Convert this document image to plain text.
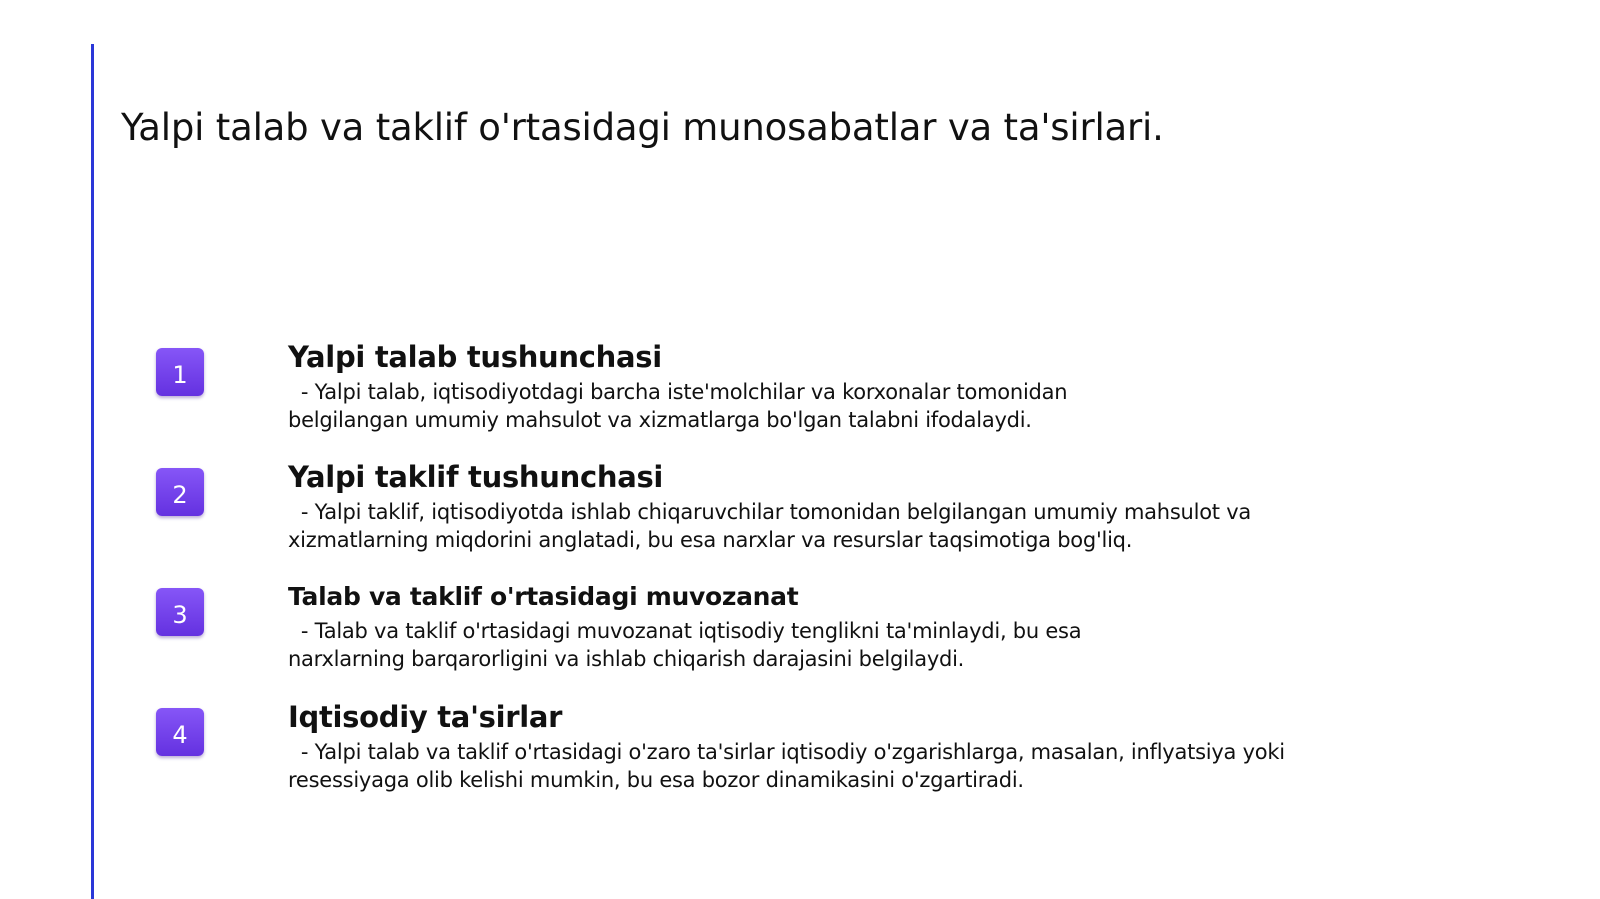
Yalpi talab va taklif o'rtasidagi munosabatlar va ta'sirlari.
1
Yalpi talab tushunchasi

- Yalpi talab, iqtisodiyotdagi barcha iste'molchilar va korxonalar tomonidan belgilangan umumiy mahsulot va xizmatlarga bo'lgan talabni ifodalaydi.

2
Yalpi taklif tushunchasi

- Yalpi taklif, iqtisodiyotda ishlab chiqaruvchilar tomonidan belgilangan umumiy mahsulot va xizmatlarning miqdorini anglatadi, bu esa narxlar va resurslar taqsimotiga bog'liq.

3
Talab va taklif o'rtasidagi muvozanat

- Talab va taklif o'rtasidagi muvozanat iqtisodiy tenglikni ta'minlaydi, bu esa narxlarning barqarorligini va ishlab chiqarish darajasini belgilaydi.

4
Iqtisodiy ta'sirlar

- Yalpi talab va taklif o'rtasidagi o'zaro ta'sirlar iqtisodiy o'zgarishlarga, masalan, inflyatsiya yoki resessiyaga olib kelishi mumkin, bu esa bozor dinamikasini o'zgartiradi.
